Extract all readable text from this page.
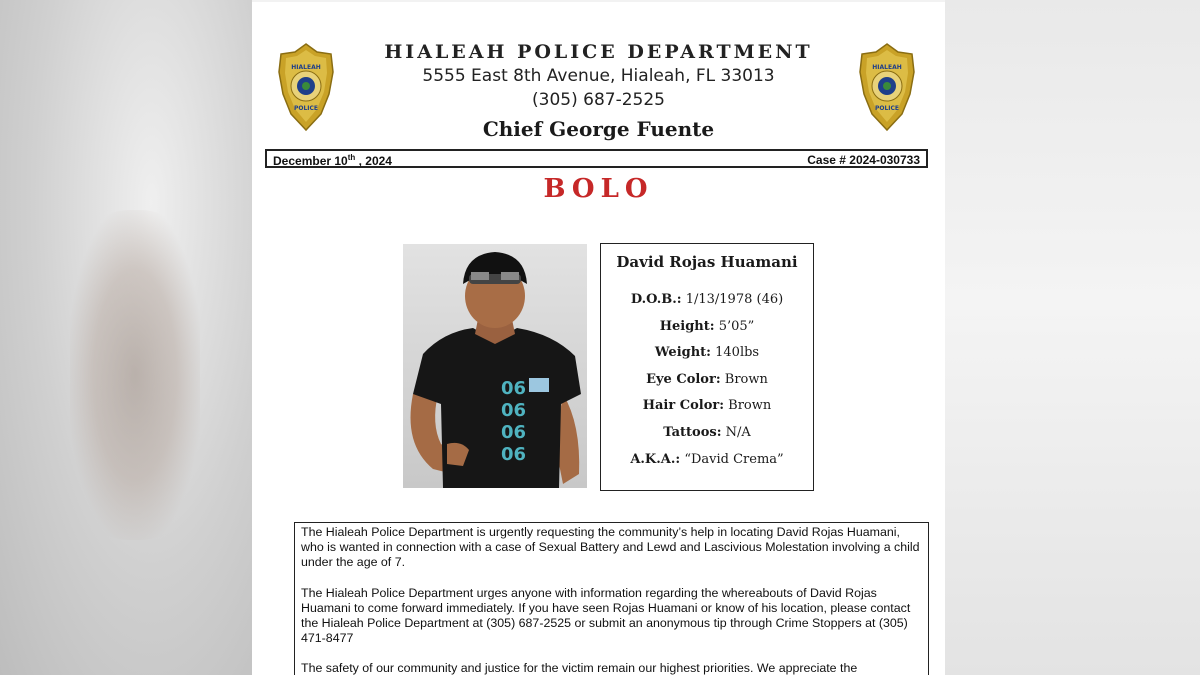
HIALEAH
POLICE
HIALEAH
POLICE
HIALEAH POLICE DEPARTMENT
5555 East 8th Avenue, Hialeah, FL 33013
(305) 687-2525
Chief George Fuente
December 10th , 2024	Case # 2024-030733
BOLO
06
06
06
06
David Rojas Huamani
D.O.B.: 1/13/1978 (46)
Height: 5’05”
Weight: 140lbs
Eye Color: Brown
Hair Color: Brown
Tattoos: N/A
A.K.A.: “David Crema”

The Hialeah Police Department is urgently requesting the community’s help in locating David Rojas Huamani, who is wanted in connection with a case of Sexual Battery and Lewd and Lascivious Molestation involving a child under the age of 7.

The Hialeah Police Department urges anyone with information regarding the whereabouts of David Rojas Huamani to come forward immediately. If you have seen Rojas Huamani or know of his location, please contact the Hialeah Police Department at (305) 687-2525 or submit an anonymous tip through Crime Stoppers at (305) 471-8477

The safety of our community and justice for the victim remain our highest priorities. We appreciate the
